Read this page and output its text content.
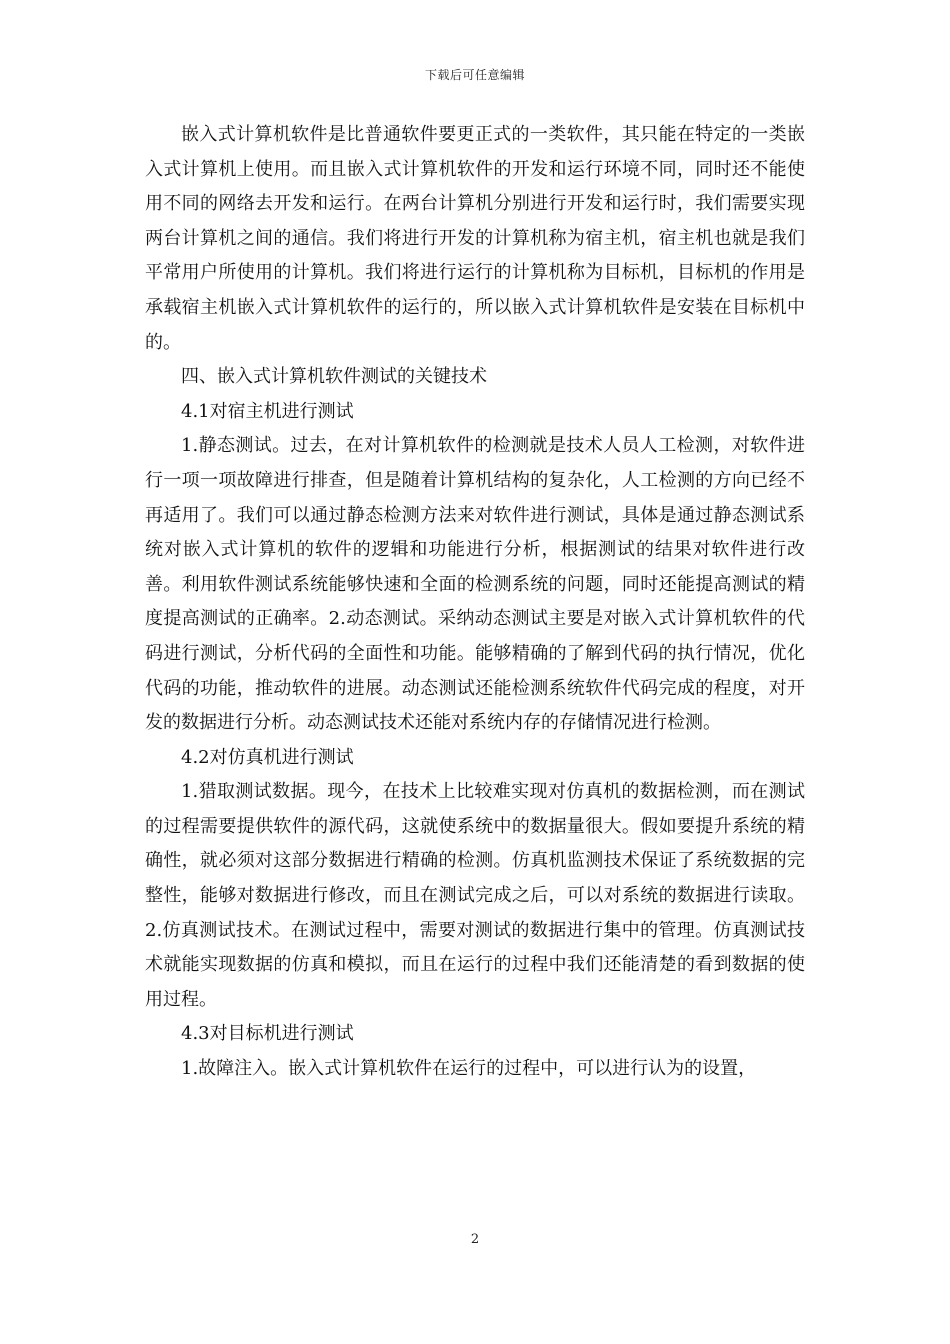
下载后可任意编辑

嵌入式计算机软件是比普通软件要更正式的一类软件，其只能在特定的一类嵌入式计算机上使用。而且嵌入式计算机软件的开发和运行环境不同，同时还不能使用不同的网络去开发和运行。在两台计算机分别进行开发和运行时，我们需要实现两台计算机之间的通信。我们将进行开发的计算机称为宿主机，宿主机也就是我们平常用户所使用的计算机。我们将进行运行的计算机称为目标机，目标机的作用是承载宿主机嵌入式计算机软件的运行的，所以嵌入式计算机软件是安装在目标机中的。

四、嵌入式计算机软件测试的关键技术

4.1对宿主机进行测试

1.静态测试。过去，在对计算机软件的检测就是技术人员人工检测，对软件进行一项一项故障进行排查，但是随着计算机结构的复杂化，人工检测的方向已经不再适用了。我们可以通过静态检测方法来对软件进行测试，具体是通过静态测试系统对嵌入式计算机的软件的逻辑和功能进行分析，根据测试的结果对软件进行改善。利用软件测试系统能够快速和全面的检测系统的问题，同时还能提高测试的精度提高测试的正确率。2.动态测试。采纳动态测试主要是对嵌入式计算机软件的代码进行测试，分析代码的全面性和功能。能够精确的了解到代码的执行情况，优化代码的功能，推动软件的进展。动态测试还能检测系统软件代码完成的程度，对开发的数据进行分析。动态测试技术还能对系统内存的存储情况进行检测。

4.2对仿真机进行测试

1.猎取测试数据。现今，在技术上比较难实现对仿真机的数据检测，而在测试的过程需要提供软件的源代码，这就使系统中的数据量很大。假如要提升系统的精确性，就必须对这部分数据进行精确的检测。仿真机监测技术保证了系统数据的完整性，能够对数据进行修改，而且在测试完成之后，可以对系统的数据进行读取。2.仿真测试技术。在测试过程中，需要对测试的数据进行集中的管理。仿真测试技术就能实现数据的仿真和模拟，而且在运行的过程中我们还能清楚的看到数据的使用过程。

4.3对目标机进行测试

1.故障注入。嵌入式计算机软件在运行的过程中，可以进行认为的设置，

2
